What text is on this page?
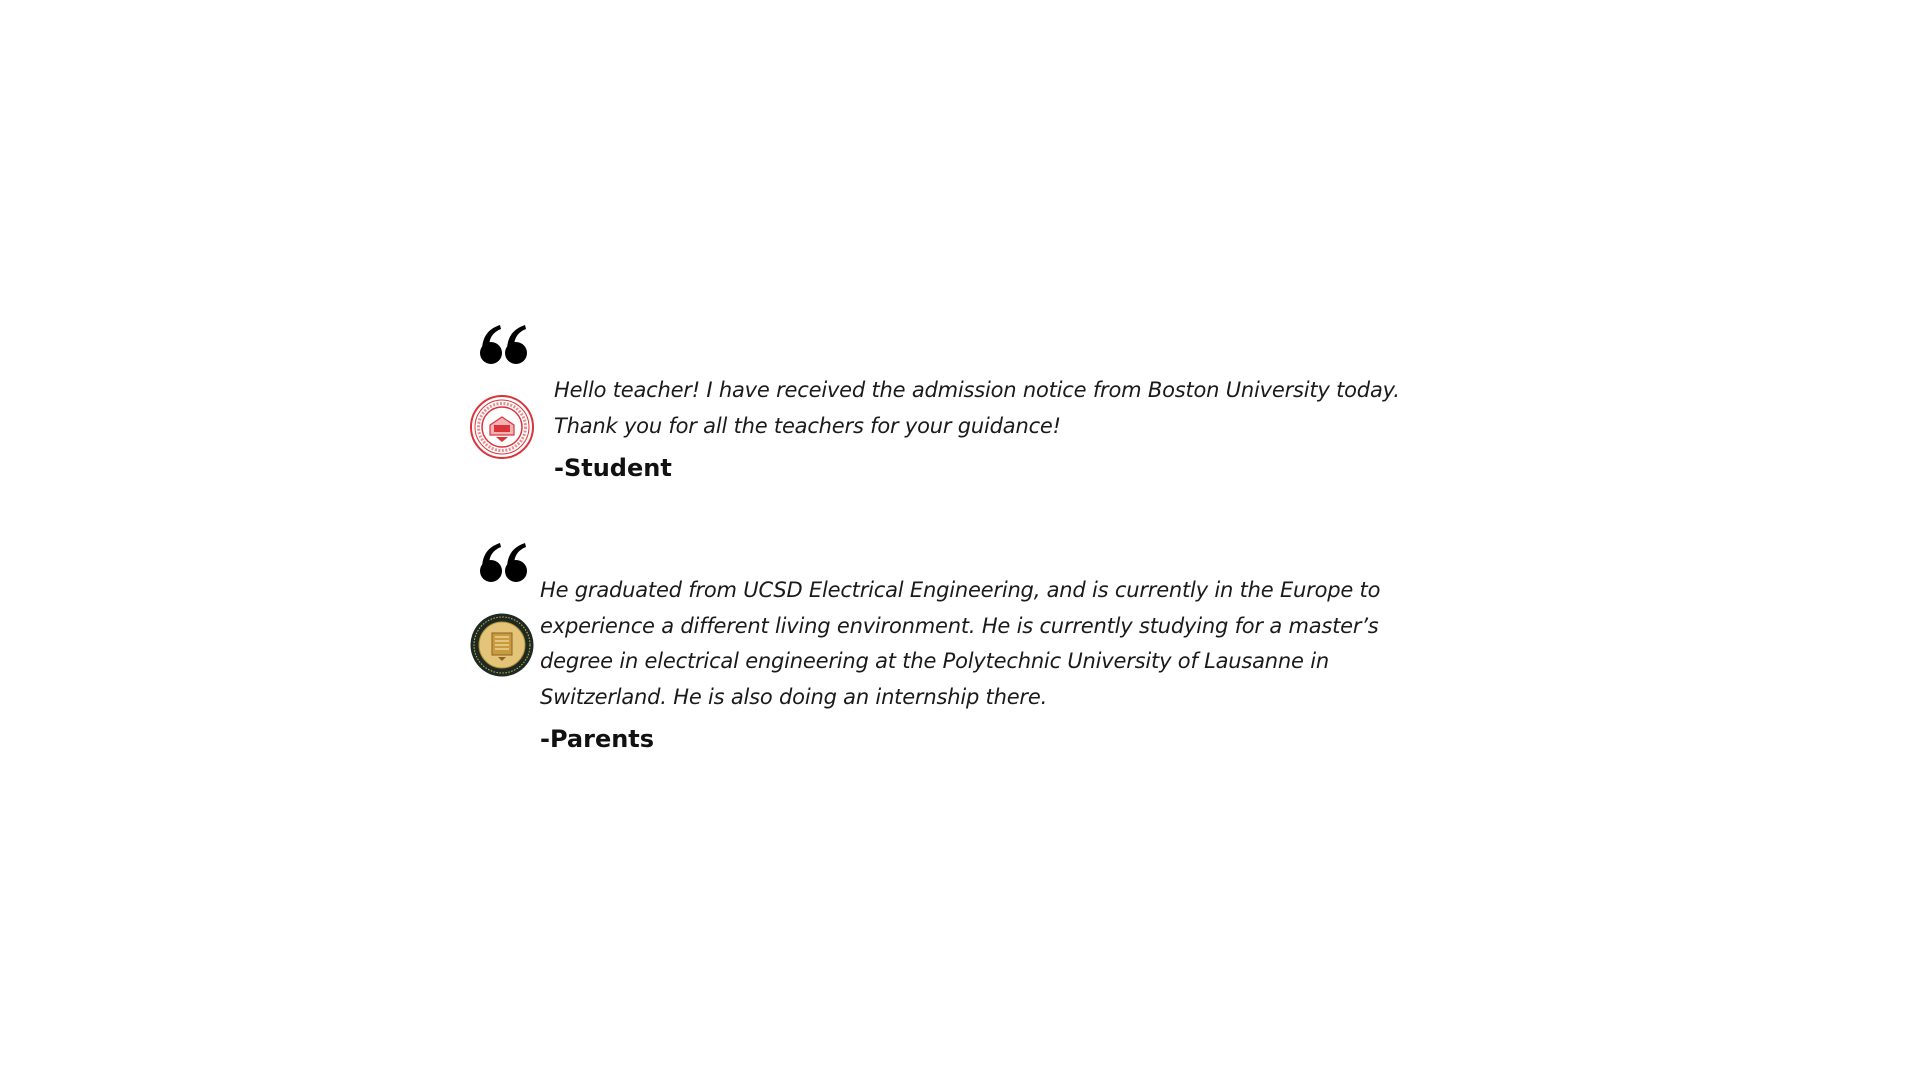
Hello teacher! I have received the admission notice from Boston University today. Thank you for all the teachers for your guidance!

-Student

He graduated from UCSD Electrical Engineering, and is currently in the Europe to experience a different living environment. He is currently studying for a master’s degree in electrical engineering at the Polytechnic University of Lausanne in Switzerland. He is also doing an internship there.

-Parents
